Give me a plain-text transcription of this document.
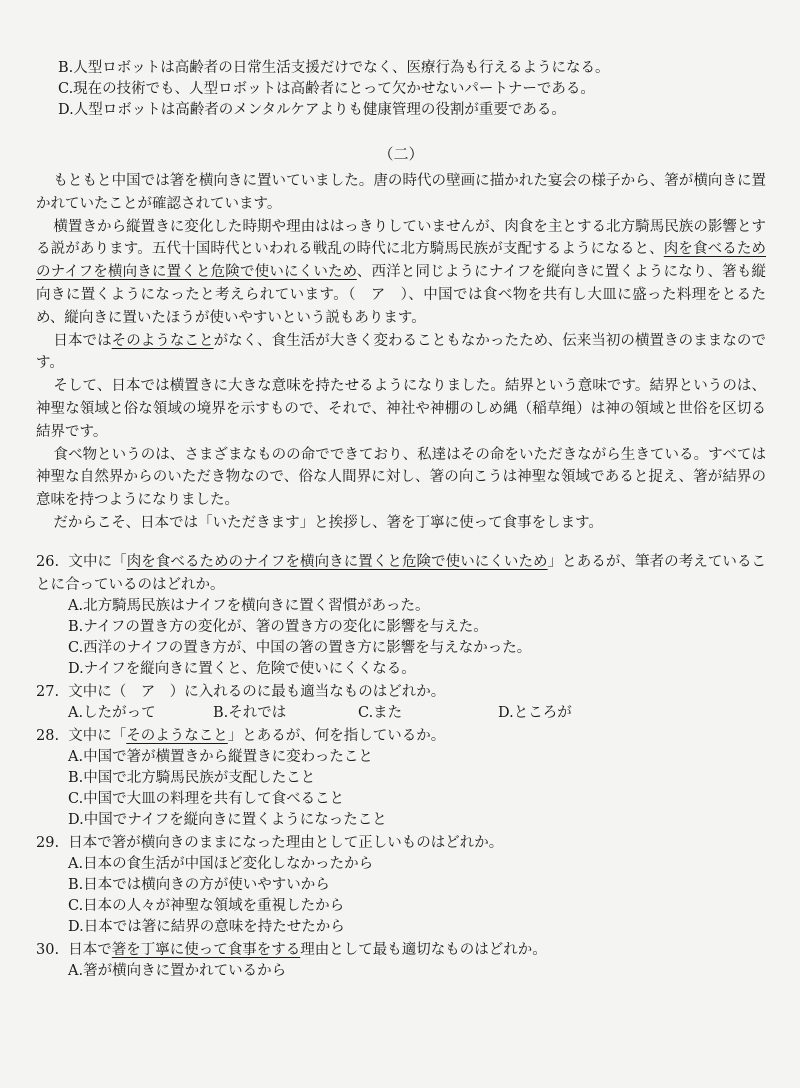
B.人型ロボットは高齢者の日常生活支援だけでなく、医療行為も行えるようになる。
C.現在の技術でも、人型ロボットは高齢者にとって欠かせないパートナーである。
D.人型ロボットは高齢者のメンタルケアよりも健康管理の役割が重要である。
（二）

もともと中国では箸を横向きに置いていました。唐の時代の壁画に描かれた宴会の様子から、箸が横向きに置かれていたことが確認されています。

横置きから縦置きに変化した時期や理由ははっきりしていませんが、肉食を主とする北方騎馬民族の影響とする説があります。五代十国時代といわれる戦乱の時代に北方騎馬民族が支配するようになると、肉を食べるためのナイフを横向きに置くと危険で使いにくいため、西洋と同じようにナイフを縦向きに置くようになり、箸も縦向きに置くようになったと考えられています。（　ア　）、中国では食べ物を共有し大皿に盛った料理をとるため、縦向きに置いたほうが使いやすいという説もあります。

日本ではそのようなことがなく、食生活が大きく変わることもなかったため、伝来当初の横置きのままなのです。

そして、日本では横置きに大きな意味を持たせるようになりました。結界という意味です。結界というのは、神聖な領域と俗な領域の境界を示すもので、それで、神社や神棚のしめ縄（稲草绳）は神の領域と世俗を区切る結界です。

食べ物というのは、さまざまなものの命でできており、私達はその命をいただきながら生きている。すべては神聖な自然界からのいただき物なので、俗な人間界に対し、箸の向こうは神聖な領域であると捉え、箸が結界の意味を持つようになりました。

だからこそ、日本では「いただきます」と挨拶し、箸を丁寧に使って食事をします。

26. 文中に「肉を食べるためのナイフを横向きに置くと危険で使いにくいため」とあるが、筆者の考えていることに合っているのはどれか。
A.北方騎馬民族はナイフを横向きに置く習慣があった。
B.ナイフの置き方の変化が、箸の置き方の変化に影響を与えた。
C.西洋のナイフの置き方が、中国の箸の置き方に影響を与えなかった。
D.ナイフを縦向きに置くと、危険で使いにくくなる。
27. 文中に（　ア　）に入れるのに最も適当なものはどれか。
A.したがって	B.それでは	C.また	D.ところが
28. 文中に「そのようなこと」とあるが、何を指しているか。
A.中国で箸が横置きから縦置きに変わったこと
B.中国で北方騎馬民族が支配したこと
C.中国で大皿の料理を共有して食べること
D.中国でナイフを縦向きに置くようになったこと
29. 日本で箸が横向きのままになった理由として正しいものはどれか。
A.日本の食生活が中国ほど変化しなかったから
B.日本では横向きの方が使いやすいから
C.日本の人々が神聖な領域を重視したから
D.日本では箸に結界の意味を持たせたから
30. 日本で箸を丁寧に使って食事をする理由として最も適切なものはどれか。
A.箸が横向きに置かれているから
